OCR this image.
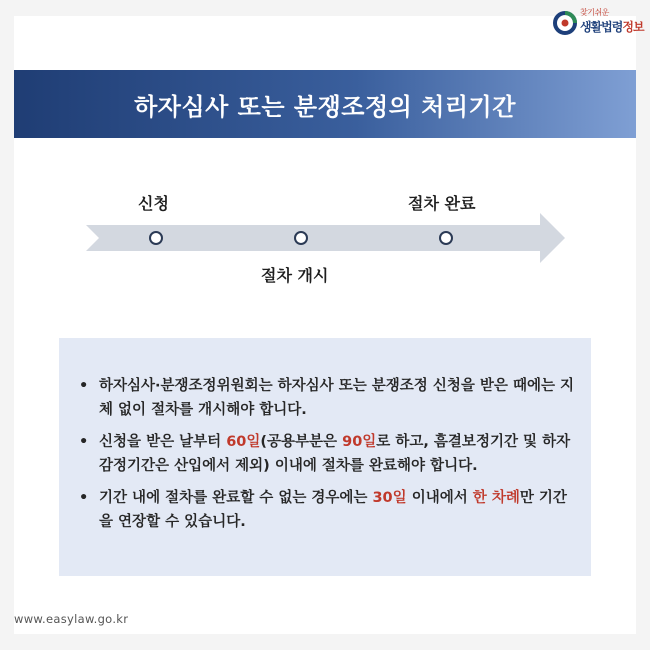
찾기쉬운
생활법령정보
하자심사 또는 분쟁조정의 처리기간
신청
절차 개시
절차 완료
• 하자심사·분쟁조정위원회는 하자심사 또는 분쟁조정 신청을 받은 때에는 지체 없이 절차를 개시해야 합니다.
• 신청을 받은 날부터 60일(공용부분은 90일로 하고, 흠결보정기간 및 하자감정기간은 산입에서 제외) 이내에 절차를 완료해야 합니다.
• 기간 내에 절차를 완료할 수 없는 경우에는 30일 이내에서 한 차례만 기간을 연장할 수 있습니다.
www.easylaw.go.kr
